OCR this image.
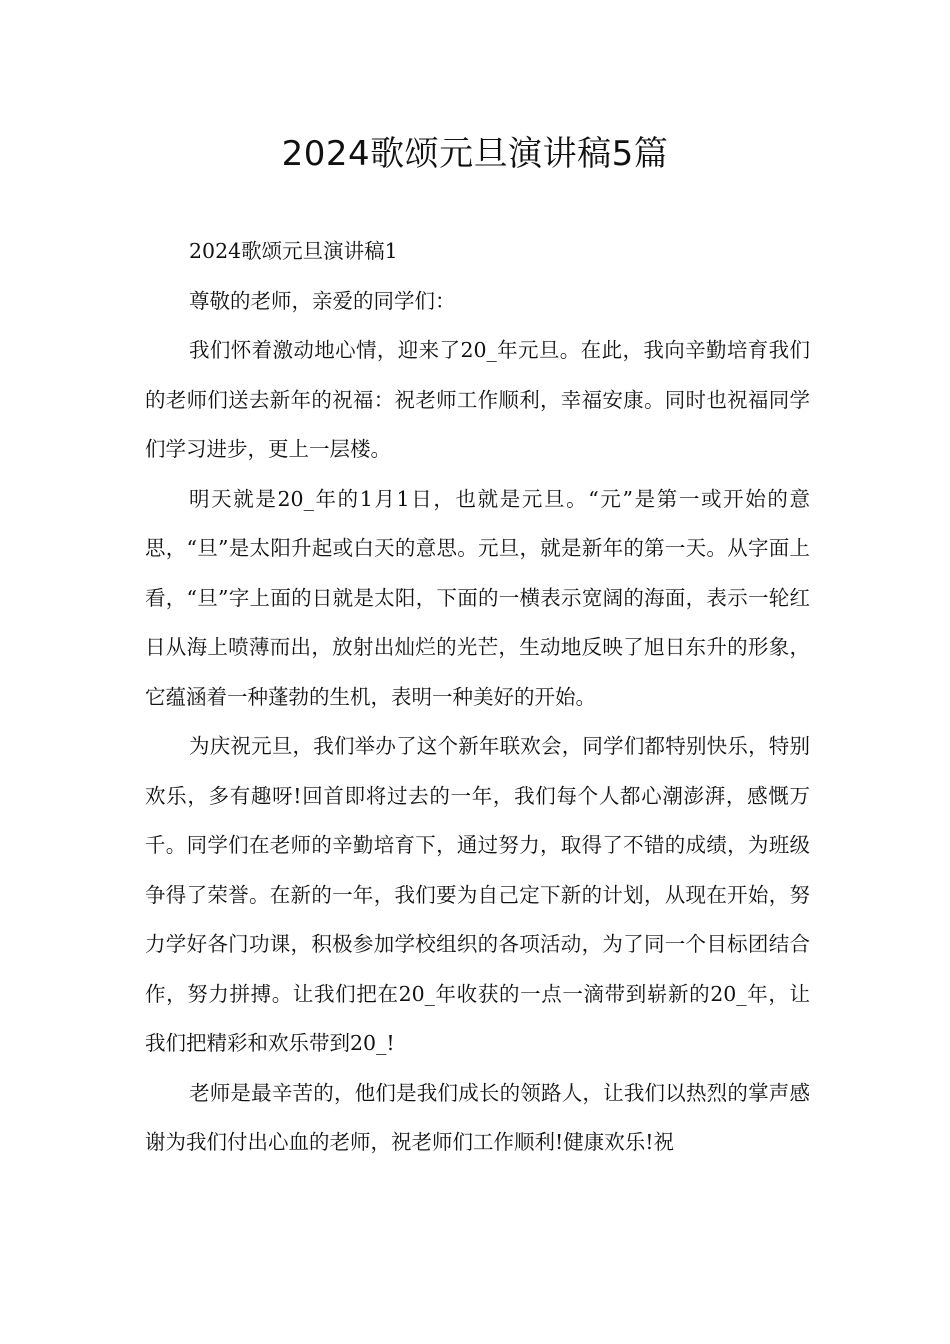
2024歌颂元旦演讲稿5篇

2024歌颂元旦演讲稿1

尊敬的老师，亲爱的同学们：

我们怀着激动地心情，迎来了20_年元旦。在此，我向辛勤培育我们的老师们送去新年的祝福：祝老师工作顺利，幸福安康。同时也祝福同学们学习进步，更上一层楼。

明天就是20_年的1月1日，也就是元旦。“元”是第一或开始的意思，“旦”是太阳升起或白天的意思。元旦，就是新年的第一天。从字面上看，“旦”字上面的日就是太阳，下面的一横表示宽阔的海面，表示一轮红日从海上喷薄而出，放射出灿烂的光芒，生动地反映了旭日东升的形象，它蕴涵着一种蓬勃的生机，表明一种美好的开始。

为庆祝元旦，我们举办了这个新年联欢会，同学们都特别快乐，特别欢乐，多有趣呀!回首即将过去的一年，我们每个人都心潮澎湃，感慨万千。同学们在老师的辛勤培育下，通过努力，取得了不错的成绩，为班级争得了荣誉。在新的一年，我们要为自己定下新的计划，从现在开始，努力学好各门功课，积极参加学校组织的各项活动，为了同一个目标团结合作，努力拼搏。让我们把在20_年收获的一点一滴带到崭新的20_年，让我们把精彩和欢乐带到20_!

老师是最辛苦的，他们是我们成长的领路人，让我们以热烈的掌声感谢为我们付出心血的老师，祝老师们工作顺利!健康欢乐!祝
